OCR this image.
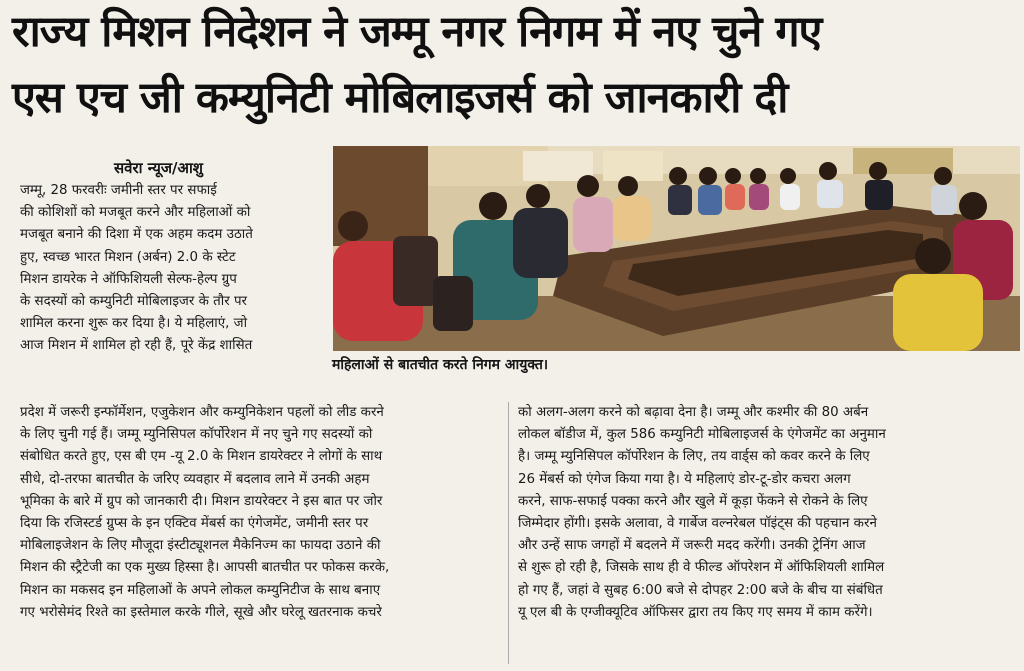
राज्य मिशन निदेशन ने जम्मू नगर निगम में नए चुने गए
एस एच जी कम्युनिटी मोबिलाइजर्स को जानकारी दी
सवेरा न्यूज/आशु
महिलाओं से बातचीत करते निगम आयुक्त।
जम्मू, 28 फरवरीः जमीनी स्तर पर सफाई
की कोशिशों को मजबूत करने और महिलाओं को
मजबूत बनाने की दिशा में एक अहम कदम उठाते
हुए, स्वच्छ भारत मिशन (अर्बन) 2.0 के स्टेट
मिशन डायरेक ने ऑफिशियली सेल्फ-हेल्प ग्रुप
के सदस्यों को कम्युनिटी मोबिलाइजर के तौर पर
शामिल करना शुरू कर दिया है। ये महिलाएं, जो
आज मिशन में शामिल हो रही हैं, पूरे केंद्र शासित
प्रदेश में जरूरी इन्फॉर्मेशन, एजुकेशन और कम्युनिकेशन पहलों को लीड करने
के लिए चुनी गई हैं। जम्मू म्युनिसिपल कॉर्पोरेशन में नए चुने गए सदस्यों को
संबोधित करते हुए, एस बी एम -यू 2.0 के मिशन डायरेक्टर ने लोगों के साथ
सीधे, दो-तरफा बातचीत के जरिए व्यवहार में बदलाव लाने में उनकी अहम
भूमिका के बारे में ग्रुप को जानकारी दी। मिशन डायरेक्टर ने इस बात पर जोर
दिया कि रजिस्टर्ड ग्रुप्स के इन एक्टिव मेंबर्स का एंगेजमेंट, जमीनी स्तर पर
मोबिलाइजेशन के लिए मौजूदा इंस्टीट्यूशनल मैकेनिज्म का फायदा उठाने की
मिशन की स्ट्रैटेजी का एक मुख्य हिस्सा है। आपसी बातचीत पर फोकस करके,
मिशन का मकसद इन महिलाओं के अपने लोकल कम्युनिटीज के साथ बनाए
गए भरोसेमंद रिश्ते का इस्तेमाल करके गीले, सूखे और घरेलू खतरनाक कचरे
को अलग-अलग करने को बढ़ावा देना है। जम्मू और कश्मीर की 80 अर्बन
लोकल बॉडीज में, कुल 586 कम्युनिटी मोबिलाइजर्स के एंगेजमेंट का अनुमान
है। जम्मू म्युनिसिपल कॉर्पोरेशन के लिए, तय वार्ड्स को कवर करने के लिए
26 मेंबर्स को एंगेज किया गया है। ये महिलाएं डोर-टू-डोर कचरा अलग
करने, साफ-सफाई पक्का करने और खुले में कूड़ा फेंकने से रोकने के लिए
जिम्मेदार होंगी। इसके अलावा, वे गार्बेज वल्नरेबल पॉइंट्स की पहचान करने
और उन्हें साफ जगहों में बदलने में जरूरी मदद करेंगी। उनकी ट्रेनिंग आज
से शुरू हो रही है, जिसके साथ ही वे फील्ड ऑपरेशन में ऑफिशियली शामिल
हो गए हैं, जहां वे सुबह 6:00 बजे से दोपहर 2:00 बजे के बीच या संबंधित
यू एल बी के एग्जीक्यूटिव ऑफिसर द्वारा तय किए गए समय में काम करेंगे।
